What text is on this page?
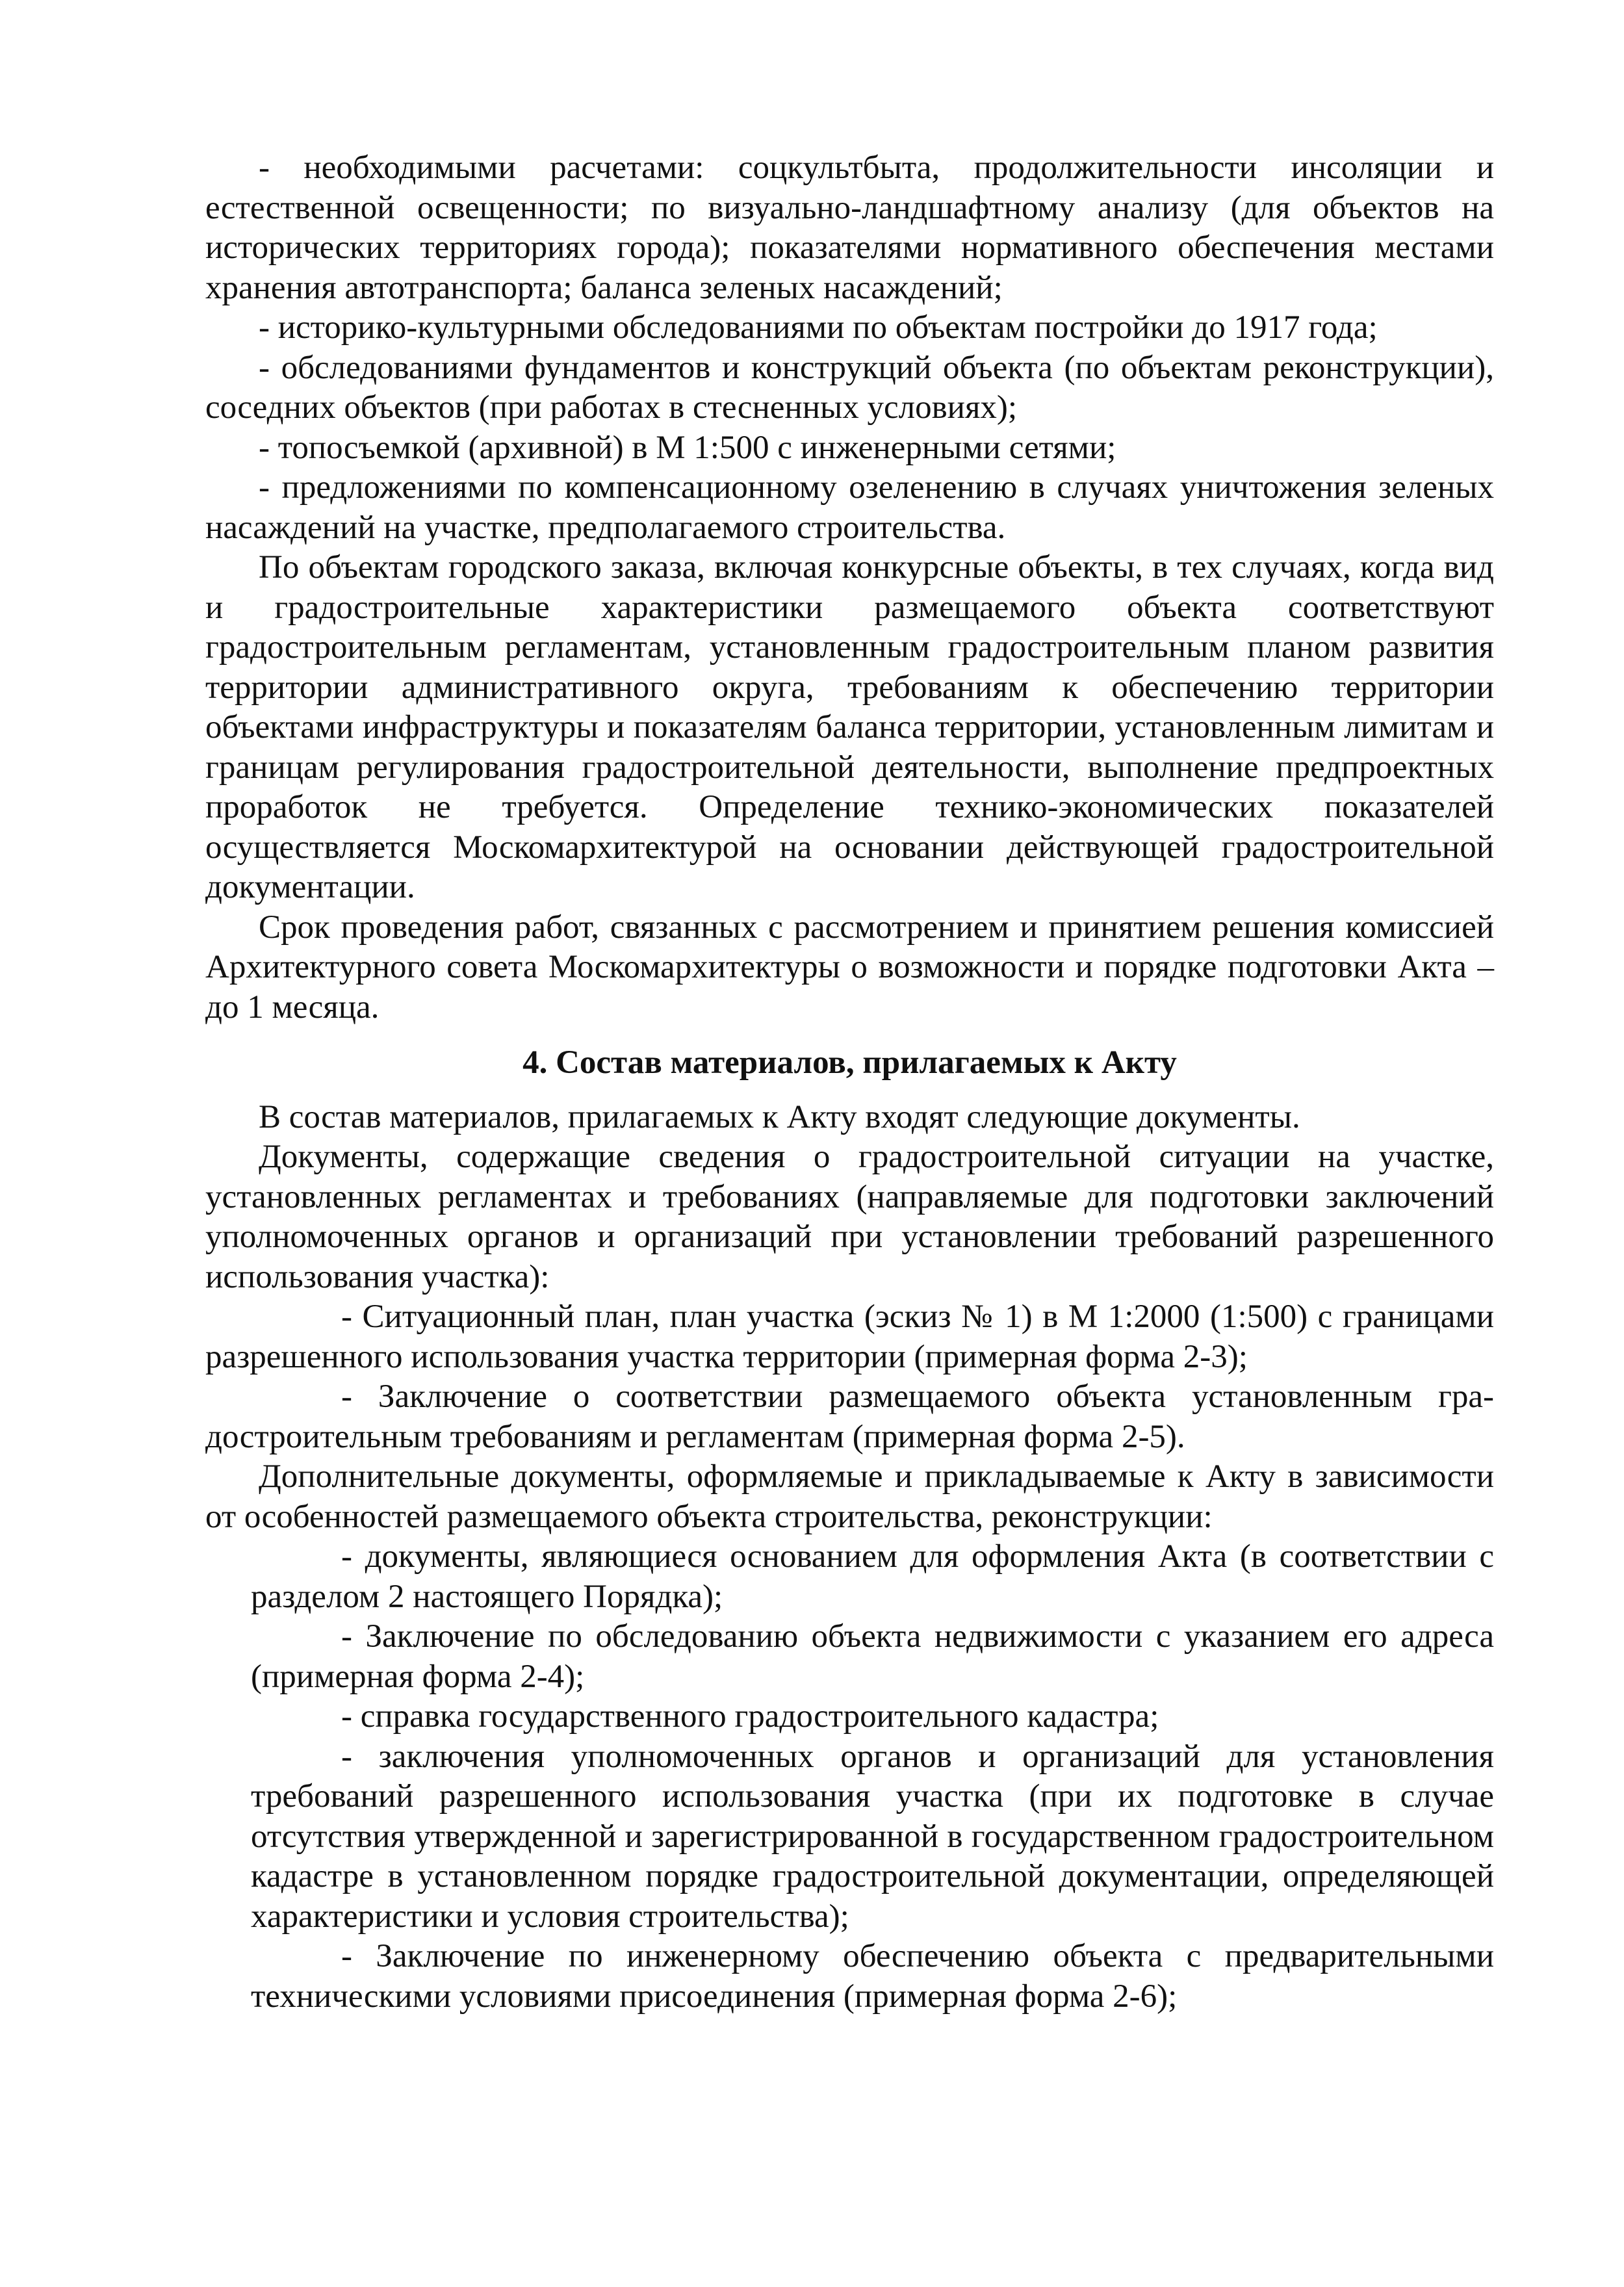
- необходимыми расчетами: соцкультбыта, продолжительности инсоляции и естественной освещенности; по визуально-ландшафтному анализу (для объектов на исторических территориях города); показателями нормативного обеспечения местами хранения автотранспорта; баланса зеленых насаждений;

- историко-культурными обследованиями по объектам постройки до 1917 года;

- обследованиями фундаментов и конструкций объекта (по объектам реконструкции), соседних объектов (при работах в стесненных условиях);

- топосъемкой (архивной) в М 1:500 с инженерными сетями;

- предложениями по компенсационному озеленению в случаях уничтожения зеленых насаждений на участке, предполагаемого строительства.

По объектам городского заказа, включая конкурсные объекты, в тех случаях, когда вид и градостроительные характеристики размещаемого объекта соответствуют градостроительным регламентам, установленным градостроительным планом развития территории административного округа, требованиям к обеспечению территории объектами инфраструктуры и показателям баланса территории, установленным лимитам и границам регулирования градостроительной деятельности, выполнение предпроектных проработок не требуется. Определение технико-экономических показателей осуществляется Москомархитектурой на основании действующей градостроительной документации.

Срок проведения работ, связанных с рассмотрением и принятием решения комиссией Архитектурного совета Москомархитектуры о возможности и порядке подготовки Акта – до 1 месяца.

4. Состав материалов, прилагаемых к Акту

В состав материалов, прилагаемых к Акту входят следующие документы.

Документы, содержащие сведения о градостроительной ситуации на участке, установленных регламентах и требованиях (направляемые для подготовки заключений уполномоченных органов и организаций при установлении требований разрешенного использования участка):

- Ситуационный план, план участка (эскиз № 1) в М 1:2000 (1:500) с границами разрешенного использования участка территории (примерная форма 2-3);

- Заключение о соответствии размещаемого объекта установленным градостроительным требованиям и регламентам (примерная форма 2-5).

Дополнительные документы, оформляемые и прикладываемые к Акту в зависимости от особенностей размещаемого объекта строительства, реконструкции:

- документы, являющиеся основанием для оформления Акта (в соответствии с разделом 2 настоящего Порядка);

- Заключение по обследованию объекта недвижимости с указанием его адреса (примерная форма 2-4);

- справка государственного градостроительного кадастра;

- заключения уполномоченных органов и организаций для установления требований разрешенного использования участка (при их подготовке в случае отсутствия утвержденной и зарегистрированной в государственном градостроительном кадастре в установленном порядке градостроительной документации, определяющей характеристики и условия строительства);

- Заключение по инженерному обеспечению объекта с предварительными техническими условиями присоединения (примерная форма 2-6);
